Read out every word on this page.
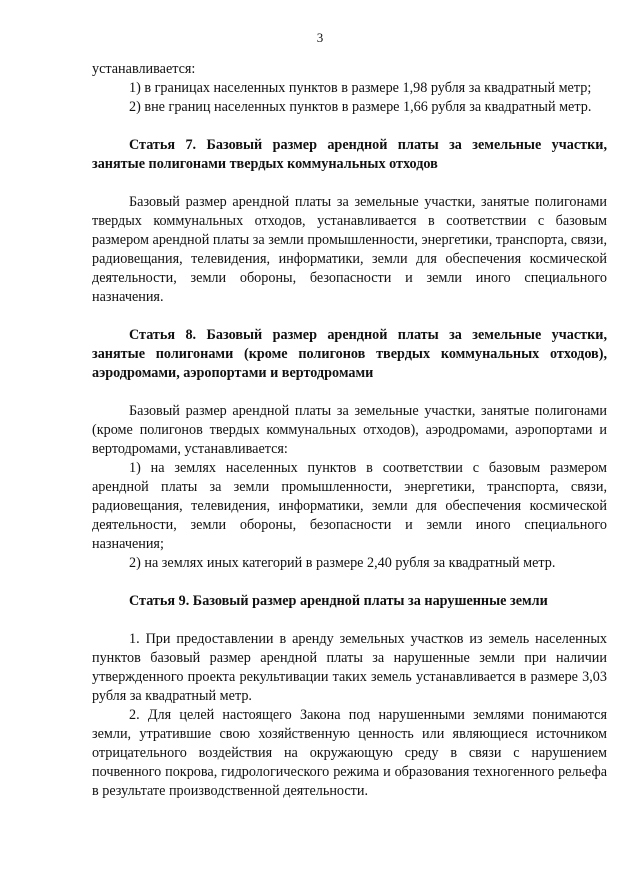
3

устанавливается:

1) в границах населенных пунктов в размере 1,98 рубля за квадратный метр;

2) вне границ населенных пунктов в размере 1,66 рубля за квадратный метр.

Статья 7. Базовый размер арендной платы за земельные участки, занятые полигонами твердых коммунальных отходов

Базовый размер арендной платы за земельные участки, занятые полигонами твердых коммунальных отходов, устанавливается в соответствии с базовым размером арендной платы за земли промышленности, энергетики, транспорта, связи, радиовещания, телевидения, информатики, земли для обеспечения космической деятельности, земли обороны, безопасности и земли иного специального назначения.

Статья 8. Базовый размер арендной платы за земельные участки, занятые полигонами (кроме полигонов твердых коммунальных отходов), аэродромами, аэропортами и вертодромами

Базовый размер арендной платы за земельные участки, занятые полигонами (кроме полигонов твердых коммунальных отходов), аэродромами, аэропортами и вертодромами, устанавливается:

1) на землях населенных пунктов в соответствии с базовым размером арендной платы за земли промышленности, энергетики, транспорта, связи, радиовещания, телевидения, информатики, земли для обеспечения космической деятельности, земли обороны, безопасности и земли иного специального назначения;

2) на землях иных категорий в размере 2,40 рубля за квадратный метр.

Статья 9. Базовый размер арендной платы за нарушенные земли

1. При предоставлении в аренду земельных участков из земель населенных пунктов базовый размер арендной платы за нарушенные земли при наличии утвержденного проекта рекультивации таких земель устанавливается в размере 3,03 рубля за квадратный метр.

2. Для целей настоящего Закона под нарушенными землями понимаются земли, утратившие свою хозяйственную ценность или являющиеся источником отрицательного воздействия на окружающую среду в связи с нарушением почвенного покрова, гидрологического режима и образования техногенного рельефа в результате производственной деятельности.
